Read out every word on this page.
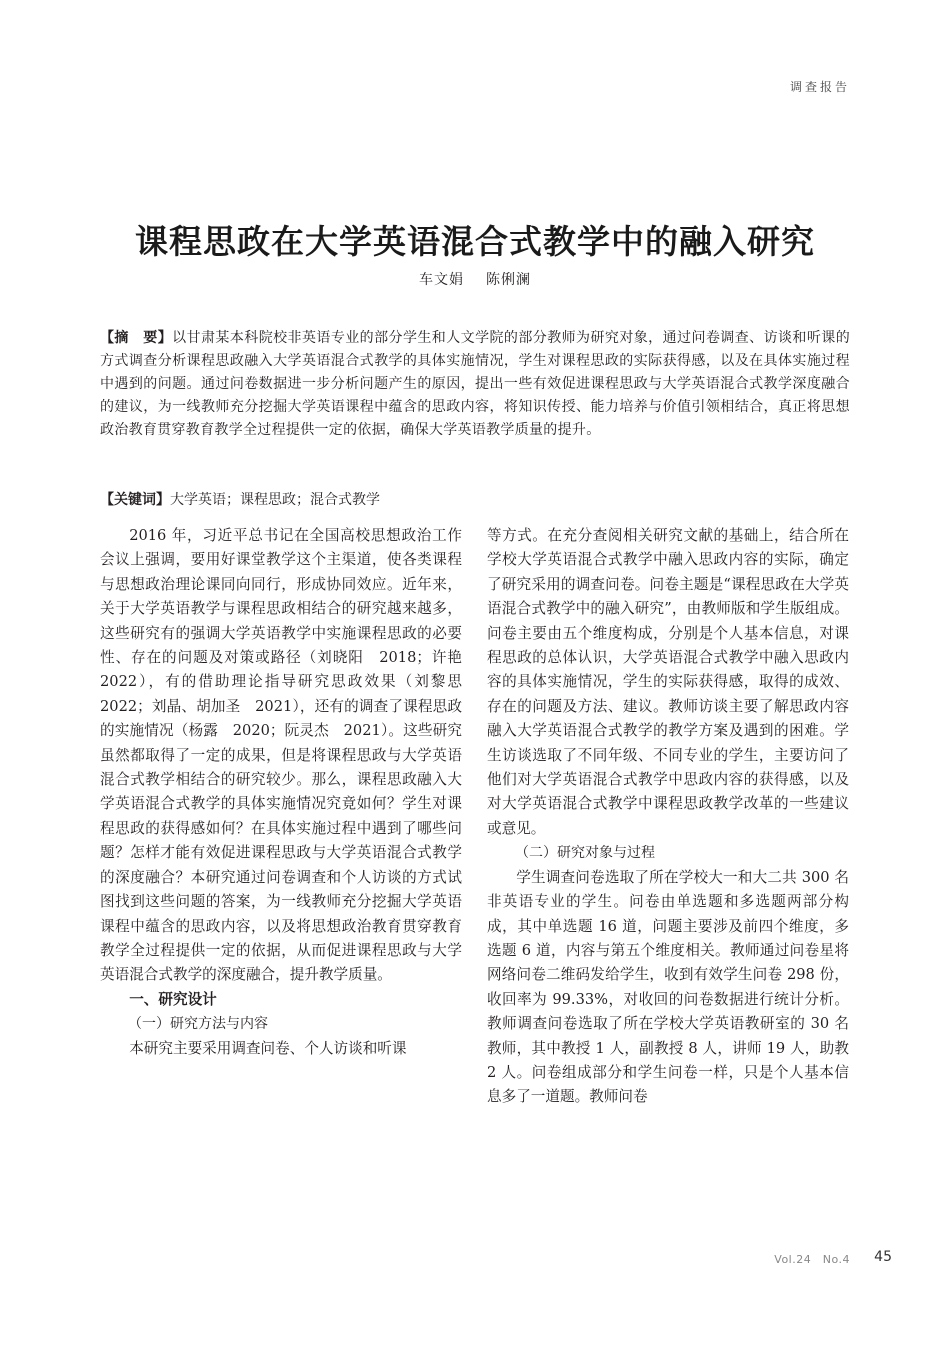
调查报告
课程思政在大学英语混合式教学中的融入研究
车文娟 陈俐澜
【摘　要】以甘肃某本科院校非英语专业的部分学生和人文学院的部分教师为研究对象，通过问卷调查、访谈和听课的方式调查分析课程思政融入大学英语混合式教学的具体实施情况，学生对课程思政的实际获得感，以及在具体实施过程中遇到的问题。通过问卷数据进一步分析问题产生的原因，提出一些有效促进课程思政与大学英语混合式教学深度融合的建议，为一线教师充分挖掘大学英语课程中蕴含的思政内容，将知识传授、能力培养与价值引领相结合，真正将思想政治教育贯穿教育教学全过程提供一定的依据，确保大学英语教学质量的提升。
【关键词】大学英语；课程思政；混合式教学

2016 年，习近平总书记在全国高校思想政治工作会议上强调，要用好课堂教学这个主渠道，使各类课程与思想政治理论课同向同行，形成协同效应。近年来，关于大学英语教学与课程思政相结合的研究越来越多，这些研究有的强调大学英语教学中实施课程思政的必要性、存在的问题及对策或路径（刘晓阳　2018；许艳　2022），有的借助理论指导研究思政效果（刘黎思　2022；刘晶、胡加圣　2021），还有的调查了课程思政的实施情况（杨露　2020；阮灵杰　2021）。这些研究虽然都取得了一定的成果，但是将课程思政与大学英语混合式教学相结合的研究较少。那么，课程思政融入大学英语混合式教学的具体实施情况究竟如何？学生对课程思政的获得感如何？在具体实施过程中遇到了哪些问题？怎样才能有效促进课程思政与大学英语混合式教学的深度融合？本研究通过问卷调查和个人访谈的方式试图找到这些问题的答案，为一线教师充分挖掘大学英语课程中蕴含的思政内容，以及将思想政治教育贯穿教育教学全过程提供一定的依据，从而促进课程思政与大学英语混合式教学的深度融合，提升教学质量。

一、研究设计

（一）研究方法与内容

本研究主要采用调查问卷、个人访谈和听课

等方式。在充分查阅相关研究文献的基础上，结合所在学校大学英语混合式教学中融入思政内容的实际，确定了研究采用的调查问卷。问卷主题是“课程思政在大学英语混合式教学中的融入研究”，由教师版和学生版组成。问卷主要由五个维度构成，分别是个人基本信息，对课程思政的总体认识，大学英语混合式教学中融入思政内容的具体实施情况，学生的实际获得感，取得的成效、存在的问题及方法、建议。教师访谈主要了解思政内容融入大学英语混合式教学的教学方案及遇到的困难。学生访谈选取了不同年级、不同专业的学生，主要访问了他们对大学英语混合式教学中思政内容的获得感，以及对大学英语混合式教学中课程思政教学改革的一些建议或意见。

（二）研究对象与过程

学生调查问卷选取了所在学校大一和大二共 300 名非英语专业的学生。问卷由单选题和多选题两部分构成，其中单选题 16 道，问题主要涉及前四个维度，多选题 6 道，内容与第五个维度相关。教师通过问卷星将网络问卷二维码发给学生，收到有效学生问卷 298 份，收回率为 99.33%，对收回的问卷数据进行统计分析。教师调查问卷选取了所在学校大学英语教研室的 30 名教师，其中教授 1 人，副教授 8 人，讲师 19 人，助教 2 人。问卷组成部分和学生问卷一样，只是个人基本信息多了一道题。教师问卷

Vol.24　No.4 45
